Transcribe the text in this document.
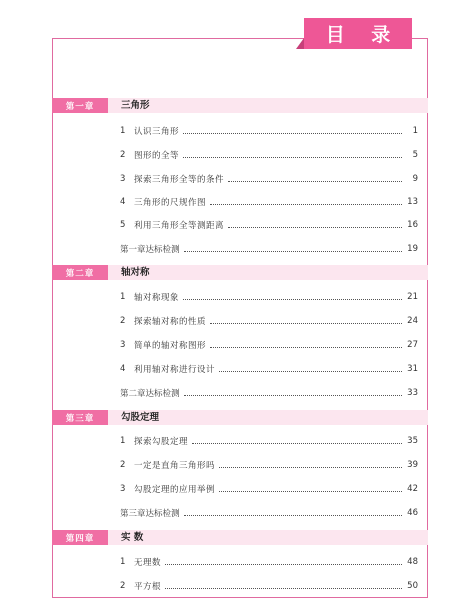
目 录
第一章	三角形
1	认识三角形	1
2	图形的全等	5
3	探索三角形全等的条件	9
4	三角形的尺规作图	13
5	利用三角形全等测距离	16
第一章达标检测	19
第二章	轴对称
1	轴对称现象	21
2	探索轴对称的性质	24
3	简单的轴对称图形	27
4	利用轴对称进行设计	31
第二章达标检测	33
第三章	勾股定理
1	探索勾股定理	35
2	一定是直角三角形吗	39
3	勾股定理的应用举例	42
第三章达标检测	46
第四章	实 数
1	无理数	48
2	平方根	50
